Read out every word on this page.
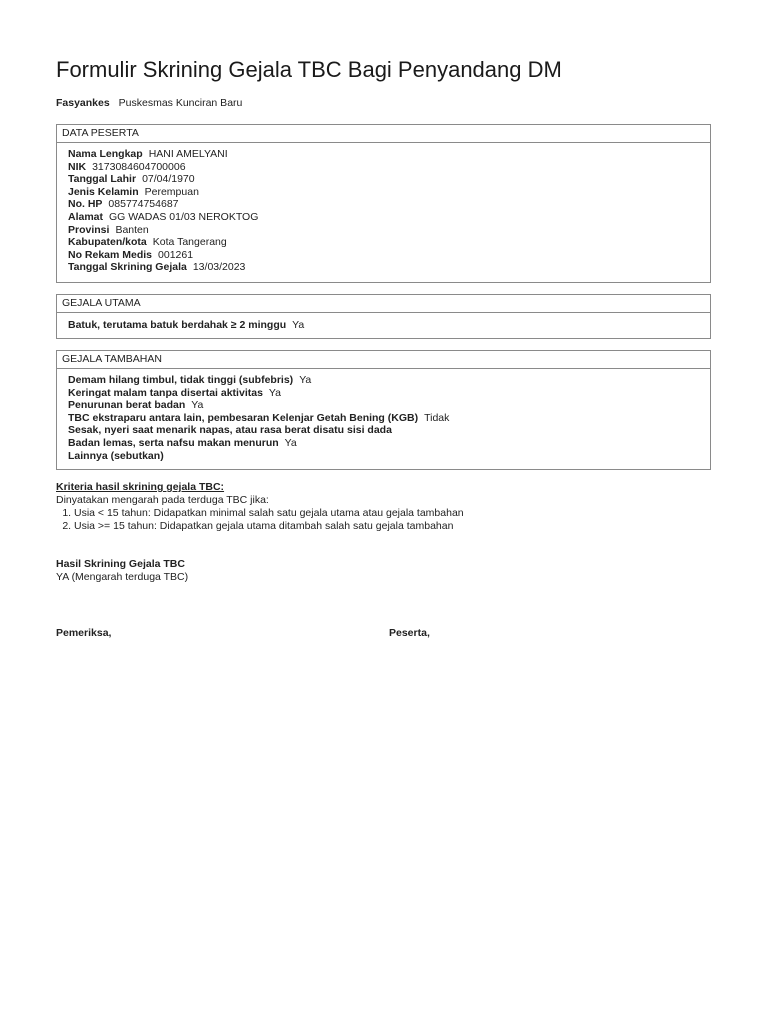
Formulir Skrining Gejala TBC Bagi Penyandang DM
Fasyankes Puskesmas Kunciran Baru
DATA PESERTA
Nama Lengkap HANI AMELYANI
NIK 3173084604700006
Tanggal Lahir 07/04/1970
Jenis Kelamin Perempuan
No. HP 085774754687
Alamat GG WADAS 01/03 NEROKTOG
Provinsi Banten
Kabupaten/kota Kota Tangerang
No Rekam Medis 001261
Tanggal Skrining Gejala 13/03/2023
GEJALA UTAMA
Batuk, terutama batuk berdahak ≥ 2 minggu Ya
GEJALA TAMBAHAN
Demam hilang timbul, tidak tinggi (subfebris) Ya
Keringat malam tanpa disertai aktivitas Ya
Penurunan berat badan Ya
TBC ekstraparu antara lain, pembesaran Kelenjar Getah Bening (KGB) Tidak
Sesak, nyeri saat menarik napas, atau rasa berat disatu sisi dada
Badan lemas, serta nafsu makan menurun Ya
Lainnya (sebutkan)
Kriteria hasil skrining gejala TBC:
Dinyatakan mengarah pada terduga TBC jika:
1. Usia < 15 tahun: Didapatkan minimal salah satu gejala utama atau gejala tambahan
2. Usia >= 15 tahun: Didapatkan gejala utama ditambah salah satu gejala tambahan
Hasil Skrining Gejala TBC
YA (Mengarah terduga TBC)
Pemeriksa,	Peserta,
